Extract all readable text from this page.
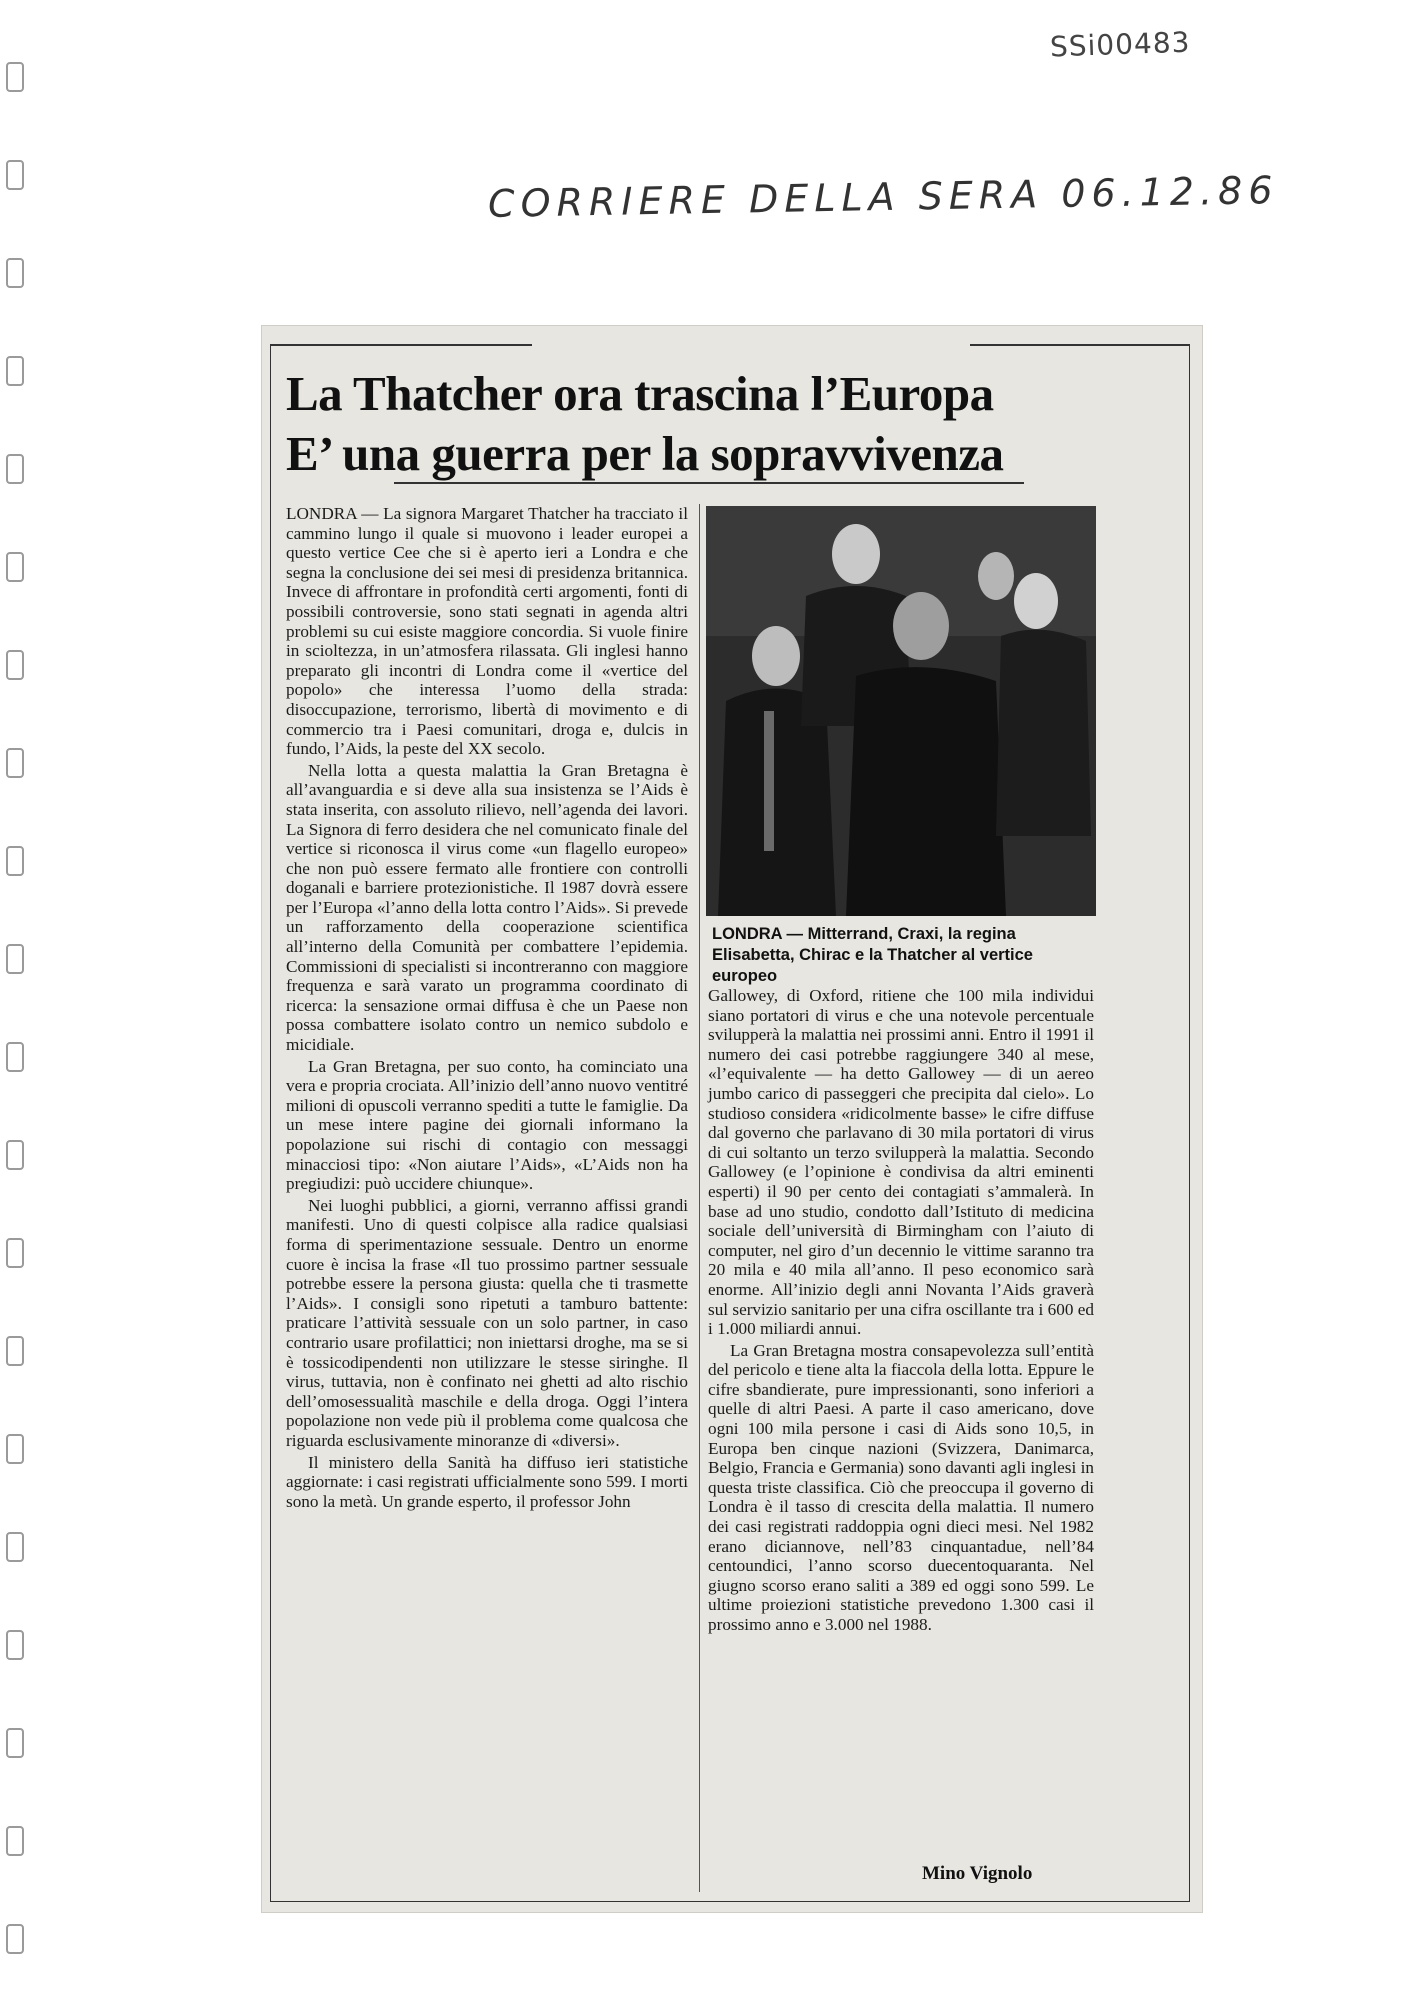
SSi00483
CORRIERE DELLA SERA 06.12.86
La Thatcher ora trascina l’Europa
E’ una guerra per la sopravvivenza

LONDRA — La signora Margaret Thatcher ha tracciato il cammino lungo il quale si muovono i leader europei a questo vertice Cee che si è aperto ieri a Londra e che segna la conclusione dei sei mesi di presidenza britannica. Invece di affrontare in profondità certi argomenti, fonti di possibili controversie, sono stati segnati in agenda altri problemi su cui esiste maggiore concordia. Si vuole finire in scioltezza, in un’atmosfera rilassata. Gli inglesi hanno preparato gli incontri di Londra come il «vertice del popolo» che interessa l’uomo della strada: disoccupazione, terrorismo, libertà di movimento e di commercio tra i Paesi comunitari, droga e, dulcis in fundo, l’Aids, la peste del XX secolo.

Nella lotta a questa malattia la Gran Bretagna è all’avanguardia e si deve alla sua insistenza se l’Aids è stata inserita, con assoluto rilievo, nell’agenda dei lavori. La Signora di ferro desidera che nel comunicato finale del vertice si riconosca il virus come «un flagello europeo» che non può essere fermato alle frontiere con controlli doganali e barriere protezionistiche. Il 1987 dovrà essere per l’Europa «l’anno della lotta contro l’Aids». Si prevede un rafforzamento della cooperazione scientifica all’interno della Comunità per combattere l’epidemia. Commissioni di specialisti si incontreranno con maggiore frequenza e sarà varato un programma coordinato di ricerca: la sensazione ormai diffusa è che un Paese non possa combattere isolato contro un nemico subdolo e micidiale.

La Gran Bretagna, per suo conto, ha cominciato una vera e propria crociata. All’inizio dell’anno nuovo ventitré milioni di opuscoli verranno spediti a tutte le famiglie. Da un mese intere pagine dei giornali informano la popolazione sui rischi di contagio con messaggi minacciosi tipo: «Non aiutare l’Aids», «L’Aids non ha pregiudizi: può uccidere chiunque».

Nei luoghi pubblici, a giorni, verranno affissi grandi manifesti. Uno di questi colpisce alla radice qualsiasi forma di sperimentazione sessuale. Dentro un enorme cuore è incisa la frase «Il tuo prossimo partner sessuale potrebbe essere la persona giusta: quella che ti trasmette l’Aids». I consigli sono ripetuti a tamburo battente: praticare l’attività sessuale con un solo partner, in caso contrario usare profilattici; non iniettarsi droghe, ma se si è tossicodipendenti non utilizzare le stesse siringhe. Il virus, tuttavia, non è confinato nei ghetti ad alto rischio dell’omosessualità maschile e della droga. Oggi l’intera popolazione non vede più il problema come qualcosa che riguarda esclusivamente minoranze di «diversi».

Il ministero della Sanità ha diffuso ieri statistiche aggiornate: i casi registrati ufficialmente sono 599. I morti sono la metà. Un grande esperto, il professor John

LONDRA — Mitterrand, Craxi, la regina Elisabetta, Chirac e la Thatcher al vertice europeo

Gallowey, di Oxford, ritiene che 100 mila individui siano portatori di virus e che una notevole percentuale svilupperà la malattia nei prossimi anni. Entro il 1991 il numero dei casi potrebbe raggiungere 340 al mese, «l’equivalente — ha detto Gallowey — di un aereo jumbo carico di passeggeri che precipita dal cielo». Lo studioso considera «ridicolmente basse» le cifre diffuse dal governo che parlavano di 30 mila portatori di virus di cui soltanto un terzo svilupperà la malattia. Secondo Gallowey (e l’opinione è condivisa da altri eminenti esperti) il 90 per cento dei contagiati s’ammalerà. In base ad uno studio, condotto dall’Istituto di medicina sociale dell’università di Birmingham con l’aiuto di computer, nel giro d’un decennio le vittime saranno tra 20 mila e 40 mila all’anno. Il peso economico sarà enorme. All’inizio degli anni Novanta l’Aids graverà sul servizio sanitario per una cifra oscillante tra i 600 ed i 1.000 miliardi annui.

La Gran Bretagna mostra consapevolezza sull’entità del pericolo e tiene alta la fiaccola della lotta. Eppure le cifre sbandierate, pure impressionanti, sono inferiori a quelle di altri Paesi. A parte il caso americano, dove ogni 100 mila persone i casi di Aids sono 10,5, in Europa ben cinque nazioni (Svizzera, Danimarca, Belgio, Francia e Germania) sono davanti agli inglesi in questa triste classifica. Ciò che preoccupa il governo di Londra è il tasso di crescita della malattia. Il numero dei casi registrati raddoppia ogni dieci mesi. Nel 1982 erano diciannove, nell’83 cinquantadue, nell’84 centoundici, l’anno scorso duecentoquaranta. Nel giugno scorso erano saliti a 389 ed oggi sono 599. Le ultime proiezioni statistiche prevedono 1.300 casi il prossimo anno e 3.000 nel 1988.

Mino Vignolo
